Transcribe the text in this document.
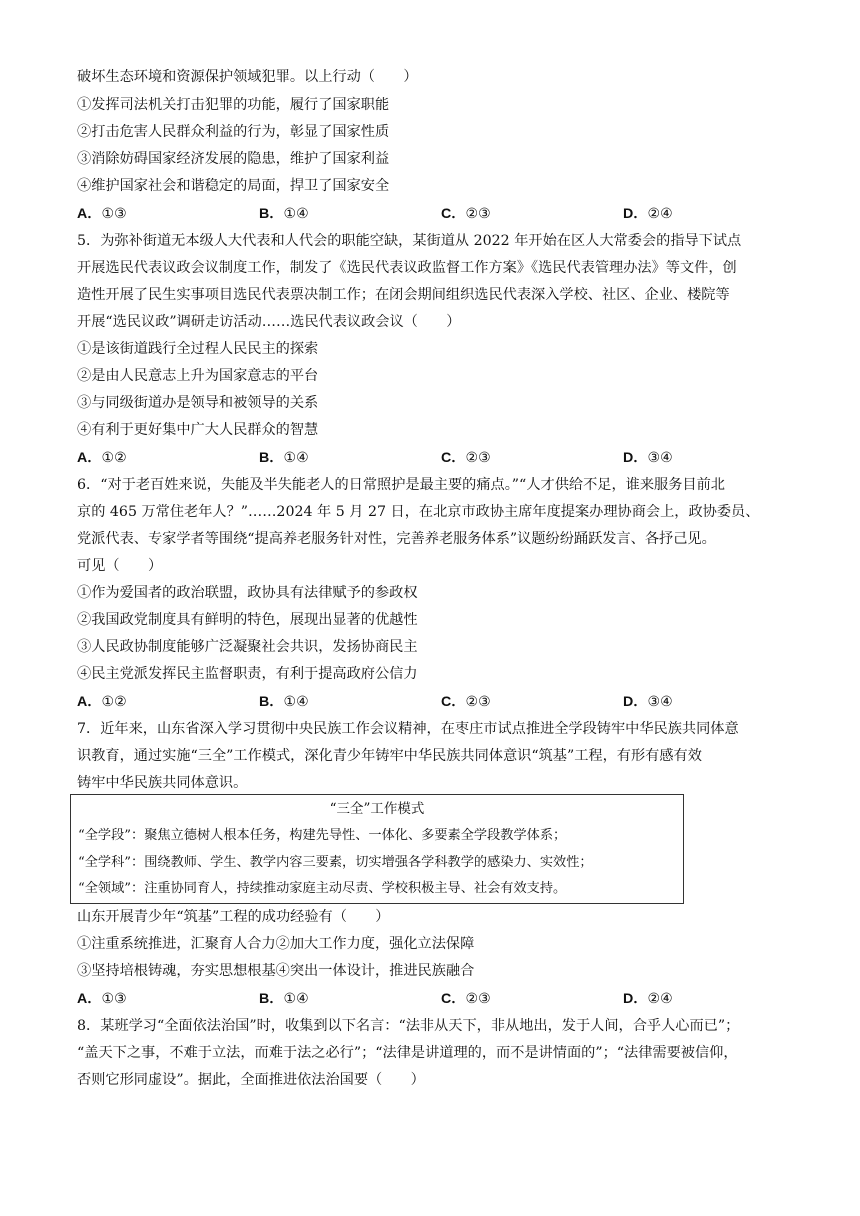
破坏生态环境和资源保护领域犯罪。以上行动（　　）
①发挥司法机关打击犯罪的功能，履行了国家职能
②打击危害人民群众利益的行为，彰显了国家性质
③消除妨碍国家经济发展的隐患，维护了国家利益
④维护国家社会和谐稳定的局面，捍卫了国家安全
A．①③	B．①④	C．②③	D．②④
5．为弥补街道无本级人大代表和人代会的职能空缺，某街道从 2022 年开始在区人大常委会的指导下试点
开展选民代表议政会议制度工作，制发了《选民代表议政监督工作方案》《选民代表管理办法》等文件，创
造性开展了民生实事项目选民代表票决制工作；在闭会期间组织选民代表深入学校、社区、企业、楼院等
开展“选民议政”调研走访活动……选民代表议政会议（　　）
①是该街道践行全过程人民民主的探索
②是由人民意志上升为国家意志的平台
③与同级街道办是领导和被领导的关系
④有利于更好集中广大人民群众的智慧
A．①②	B．①④	C．②③	D．③④
6．“对于老百姓来说，失能及半失能老人的日常照护是最主要的痛点。”“人才供给不足，谁来服务目前北
京的 465 万常住老年人？”……2024 年 5 月 27 日，在北京市政协主席年度提案办理协商会上，政协委员、
党派代表、专家学者等围绕“提高养老服务针对性，完善养老服务体系”议题纷纷踊跃发言、各抒己见。
可见（　　）
①作为爱国者的政治联盟，政协具有法律赋予的参政权
②我国政党制度具有鲜明的特色，展现出显著的优越性
③人民政协制度能够广泛凝聚社会共识，发扬协商民主
④民主党派发挥民主监督职责，有利于提高政府公信力
A．①②	B．①④	C．②③	D．③④
7．近年来，山东省深入学习贯彻中央民族工作会议精神，在枣庄市试点推进全学段铸牢中华民族共同体意
识教育，通过实施“三全”工作模式，深化青少年铸牢中华民族共同体意识“筑基”工程，有形有感有效
铸牢中华民族共同体意识。
“三全”工作模式
“全学段”：聚焦立德树人根本任务，构建先导性、一体化、多要素全学段教学体系；
“全学科”：围绕教师、学生、教学内容三要素，切实增强各学科教学的感染力、实效性；
“全领域”：注重协同育人，持续推动家庭主动尽责、学校积极主导、社会有效支持。
山东开展青少年“筑基”工程的成功经验有（　　）
①注重系统推进，汇聚育人合力②加大工作力度，强化立法保障
③坚持培根铸魂，夯实思想根基④突出一体设计，推进民族融合
A．①③	B．①④	C．②③	D．②④
8．某班学习“全面依法治国”时，收集到以下名言：“法非从天下，非从地出，发于人间，合乎人心而已”；
“盖天下之事，不难于立法，而难于法之必行”；“法律是讲道理的，而不是讲情面的”；“法律需要被信仰，
否则它形同虚设”。据此，全面推进依法治国要（　　）
